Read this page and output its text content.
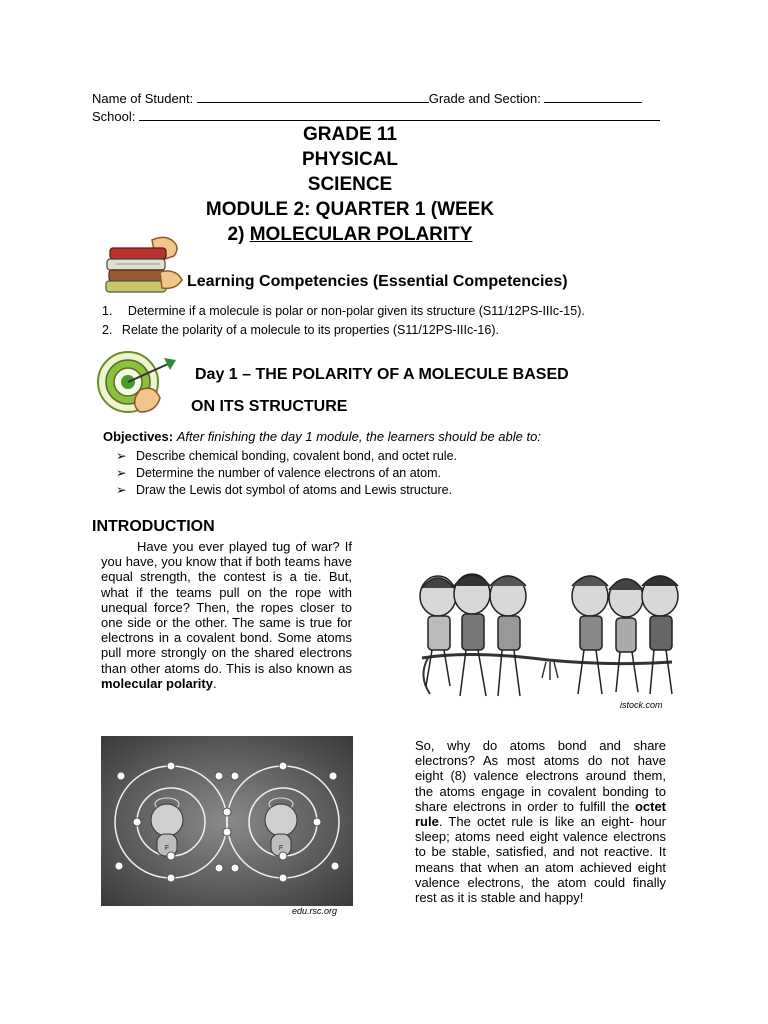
Name of Student:	Grade and Section:
School:
GRADE 11
PHYSICAL
SCIENCE
MODULE 2: QUARTER 1 (WEEK
2) MOLECULAR POLARITY
Learning Competencies (Essential Competencies)
1. Determine if a molecule is polar or non-polar given its structure (S11/12PS-IIIc-15).
2. Relate the polarity of a molecule to its properties (S11/12PS-IIIc-16).
Day 1 – THE POLARITY OF A MOLECULE BASED
ON ITS STRUCTURE
Objectives: After finishing the day 1 module, the learners should be able to:
➢ Describe chemical bonding, covalent bond, and octet rule.
➢ Determine the number of valence electrons of an atom.
➢ Draw the Lewis dot symbol of atoms and Lewis structure.
INTRODUCTION
Have you ever played tug of war? If you have, you know that if both teams have equal strength, the contest is a tie. But, what if the teams pull on the rope with unequal force? Then, the ropes closer to one side or the other. The same is true for electrons in a covalent bond. Some atoms pull more strongly on the shared electrons than other atoms do. This is also known as molecular polarity.
istock.com
F	F
edu.rsc.org
So, why do atoms bond and share electrons? As most atoms do not have eight (8) valence electrons around them, the atoms engage in covalent bonding to share electrons in order to fulfill the octet rule. The octet rule is like an eight- hour sleep; atoms need eight valence electrons to be stable, satisfied, and not reactive. It means that when an atom achieved eight valence electrons, the atom could finally rest as it is stable and happy!
